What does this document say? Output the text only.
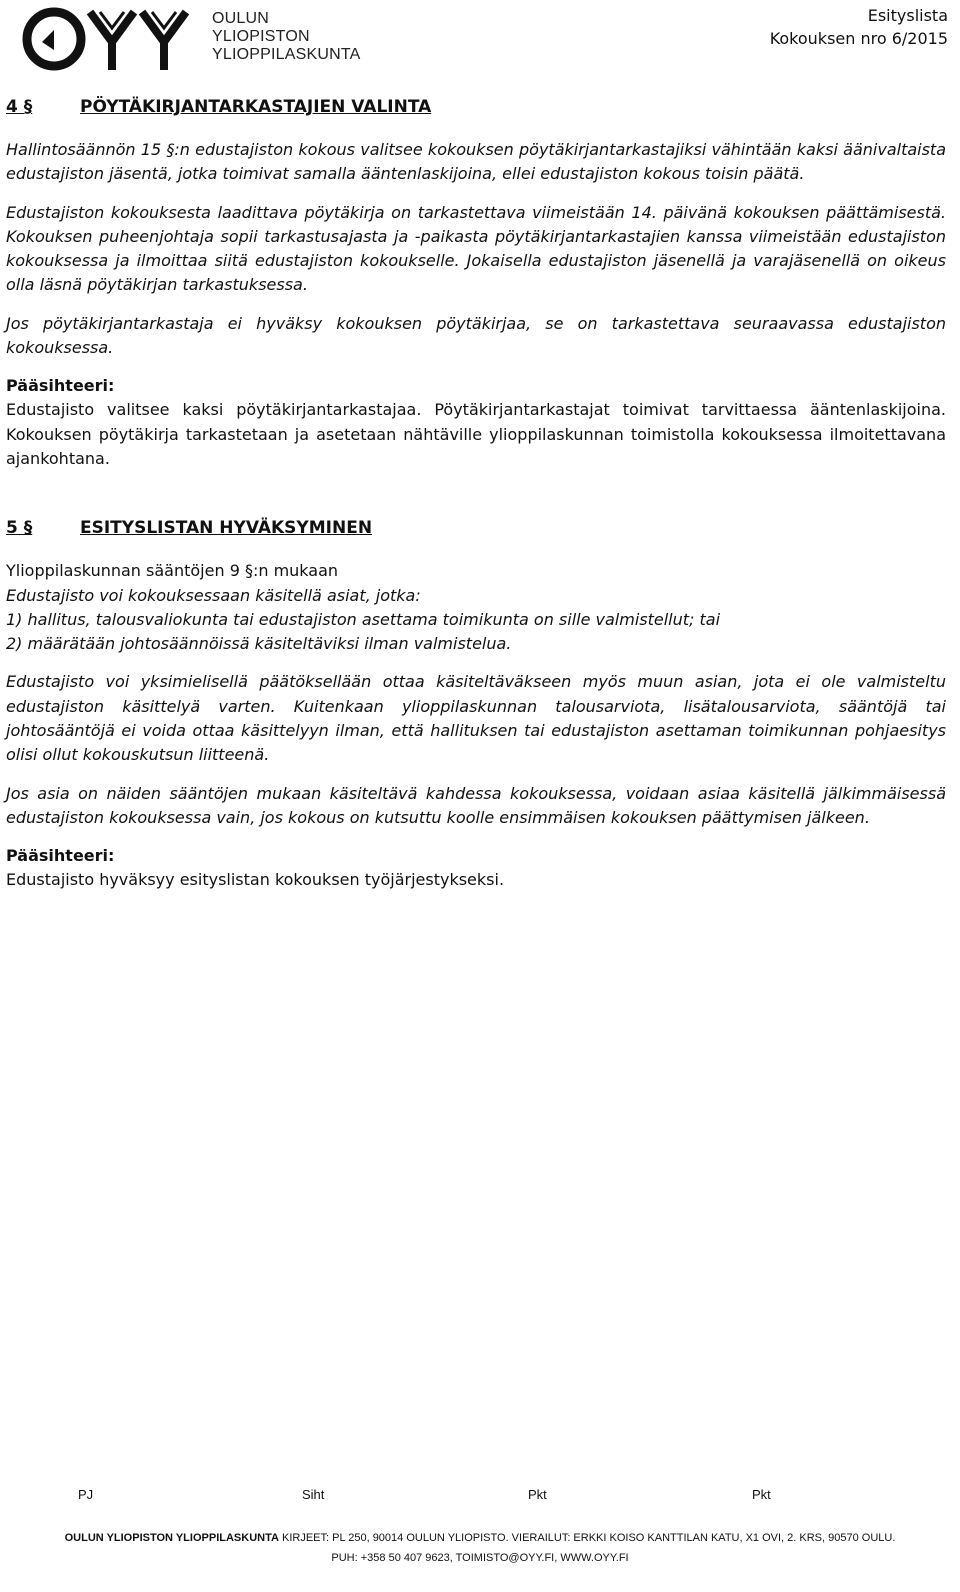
OULUN
YLIOPISTON
YLIOPPILASKUNTA
Esityslista
Kokouksen nro 6/2015
4 §	PÖYTÄKIRJANTARKASTAJIEN VALINTA

Hallintosäännön 15 §:n edustajiston kokous valitsee kokouksen pöytäkirjantarkastajiksi vähintään kaksi äänivaltaista edustajiston jäsentä, jotka toimivat samalla ääntenlaskijoina, ellei edustajiston kokous toisin päätä.

Edustajiston kokouksesta laadittava pöytäkirja on tarkastettava viimeistään 14. päivänä kokouksen päättämisestä. Kokouksen puheenjohtaja sopii tarkastusajasta ja -paikasta pöytäkirjantarkastajien kanssa viimeistään edustajiston kokouksessa ja ilmoittaa siitä edustajiston kokoukselle. Jokaisella edustajiston jäsenellä ja varajäsenellä on oikeus olla läsnä pöytäkirjan tarkastuksessa.

Jos pöytäkirjantarkastaja ei hyväksy kokouksen pöytäkirjaa, se on tarkastettava seuraavassa edustajiston kokouksessa.

Pääsihteeri:

Edustajisto valitsee kaksi pöytäkirjantarkastajaa. Pöytäkirjantarkastajat toimivat tarvittaessa ääntenlaskijoina. Kokouksen pöytäkirja tarkastetaan ja asetetaan nähtäville ylioppilaskunnan toimistolla kokouksessa ilmoitettavana ajankohtana.

5 §	ESITYSLISTAN HYVÄKSYMINEN

Ylioppilaskunnan sääntöjen 9 §:n mukaan

Edustajisto voi kokouksessaan käsitellä asiat, jotka:

1) hallitus, talousvaliokunta tai edustajiston asettama toimikunta on sille valmistellut; tai

2) määrätään johtosäännöissä käsiteltäviksi ilman valmistelua.

Edustajisto voi yksimielisellä päätöksellään ottaa käsiteltäväkseen myös muun asian, jota ei ole valmisteltu edustajiston käsittelyä varten. Kuitenkaan ylioppilaskunnan talousarviota, lisätalousarviota, sääntöjä tai johtosääntöjä ei voida ottaa käsittelyyn ilman, että hallituksen tai edustajiston asettaman toimikunnan pohjaesitys olisi ollut kokouskutsun liitteenä.

Jos asia on näiden sääntöjen mukaan käsiteltävä kahdessa kokouksessa, voidaan asiaa käsitellä jälkimmäisessä edustajiston kokouksessa vain, jos kokous on kutsuttu koolle ensimmäisen kokouksen päättymisen jälkeen.

Pääsihteeri:

Edustajisto hyväksyy esityslistan kokouksen työjärjestykseksi.

PJ	Siht	Pkt	Pkt
OULUN YLIOPISTON YLIOPPILASKUNTA KIRJEET: PL 250, 90014 OULUN YLIOPISTO. VIERAILUT: ERKKI KOISO KANTTILAN KATU, X1 OVI, 2. KRS, 90570 OULU.
PUH: +358 50 407 9623, TOIMISTO@OYY.FI, WWW.OYY.FI
